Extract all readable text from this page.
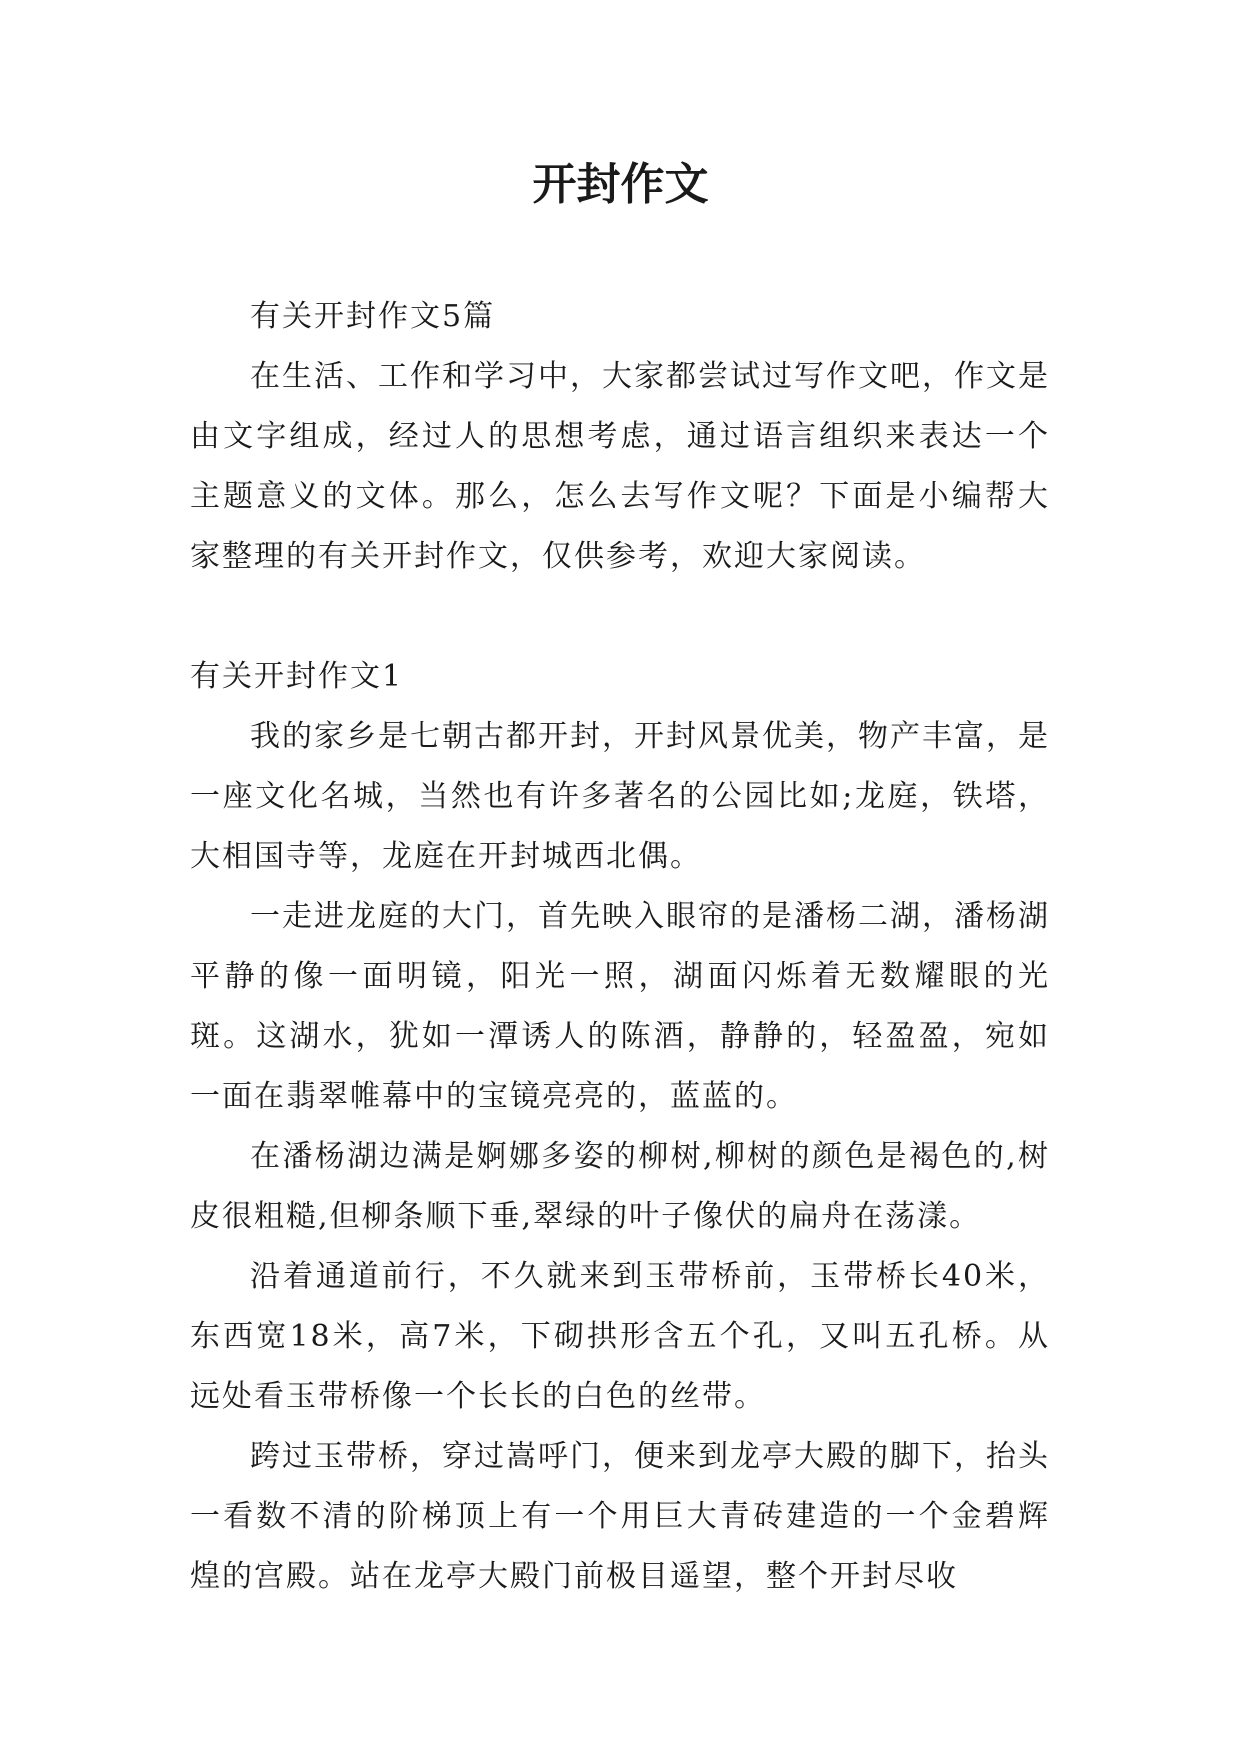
开封作文

有关开封作文5篇

在生活、工作和学习中，大家都尝试过写作文吧，作文是由文字组成，经过人的思想考虑，通过语言组织来表达一个主题意义的文体。那么，怎么去写作文呢？下面是小编帮大家整理的有关开封作文，仅供参考，欢迎大家阅读。

有关开封作文1

我的家乡是七朝古都开封，开封风景优美，物产丰富，是一座文化名城，当然也有许多著名的公园比如;龙庭，铁塔，大相国寺等，龙庭在开封城西北偶。

一走进龙庭的大门，首先映入眼帘的是潘杨二湖，潘杨湖平静的像一面明镜，阳光一照，湖面闪烁着无数耀眼的光斑。这湖水，犹如一潭诱人的陈酒，静静的，轻盈盈，宛如一面在翡翠帷幕中的宝镜亮亮的，蓝蓝的。

在潘杨湖边满是婀娜多姿的柳树,柳树的颜色是褐色的,树皮很粗糙,但柳条顺下垂,翠绿的叶子像伏的扁舟在荡漾。

沿着通道前行，不久就来到玉带桥前，玉带桥长40米，东西宽18米，高7米，下砌拱形含五个孔，又叫五孔桥。从远处看玉带桥像一个长长的白色的丝带。

跨过玉带桥，穿过嵩呼门，便来到龙亭大殿的脚下，抬头一看数不清的阶梯顶上有一个用巨大青砖建造的一个金碧辉煌的宫殿。站在龙亭大殿门前极目遥望，整个开封尽收
